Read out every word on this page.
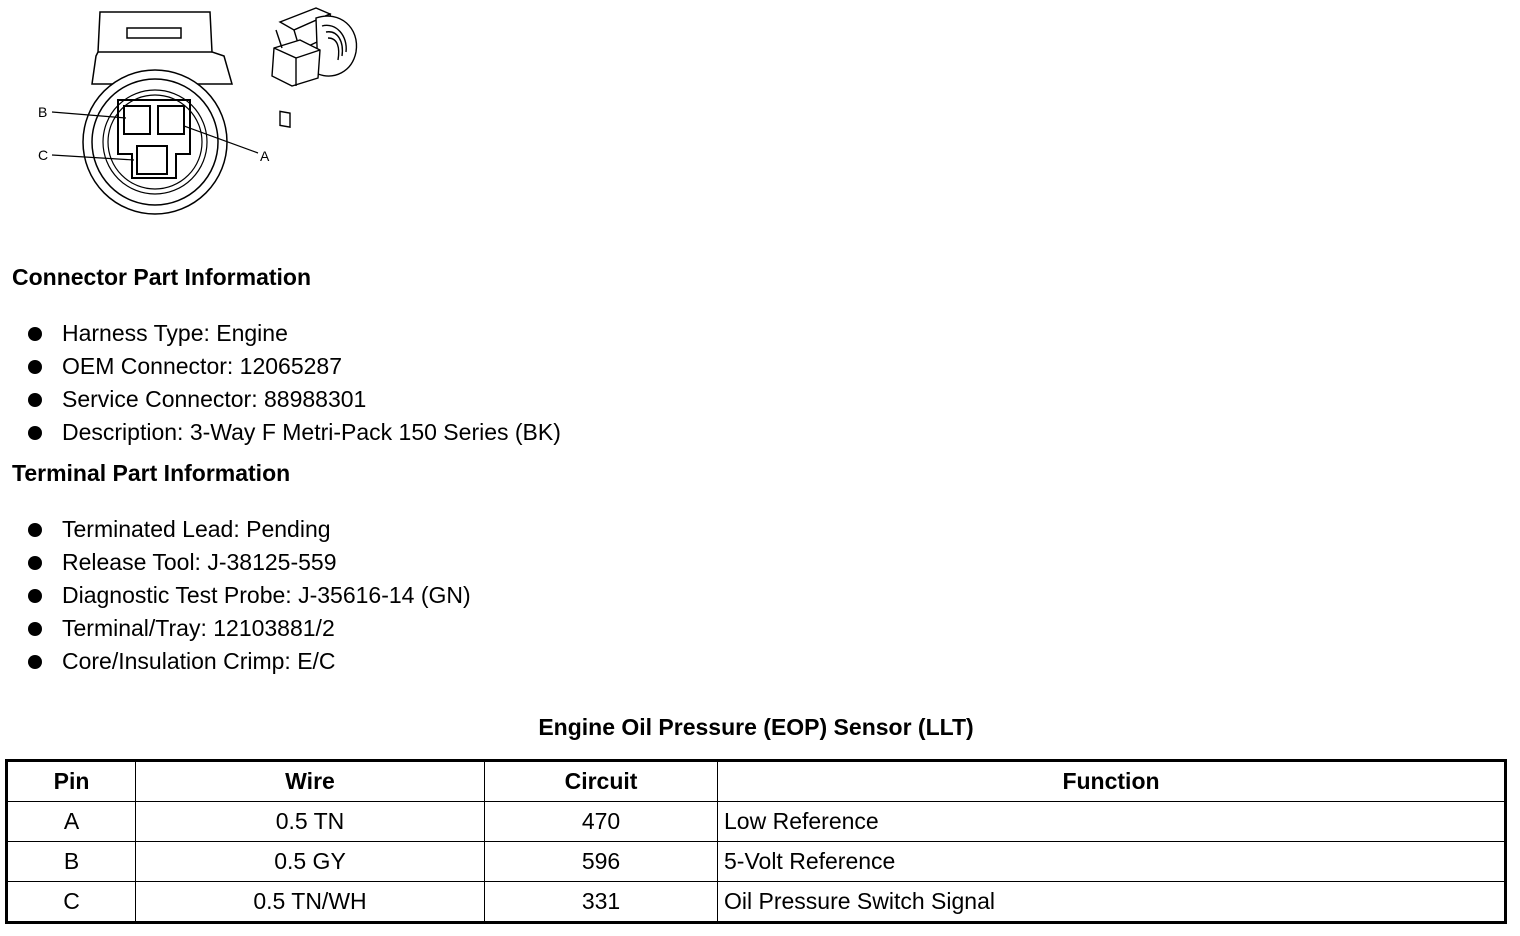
B
C	A
Connector Part Information
Harness Type: Engine
OEM Connector: 12065287
Service Connector: 88988301
Description: 3-Way F Metri-Pack 150 Series (BK)
Terminal Part Information
Terminated Lead: Pending
Release Tool: J-38125-559
Diagnostic Test Probe: J-35616-14 (GN)
Terminal/Tray: 12103881/2
Core/Insulation Crimp: E/C
Engine Oil Pressure (EOP) Sensor (LLT)
Pin	Wire	Circuit	Function
A	0.5 TN	470	Low Reference
B	0.5 GY	596	5-Volt Reference
C	0.5 TN/WH	331	Oil Pressure Switch Signal
